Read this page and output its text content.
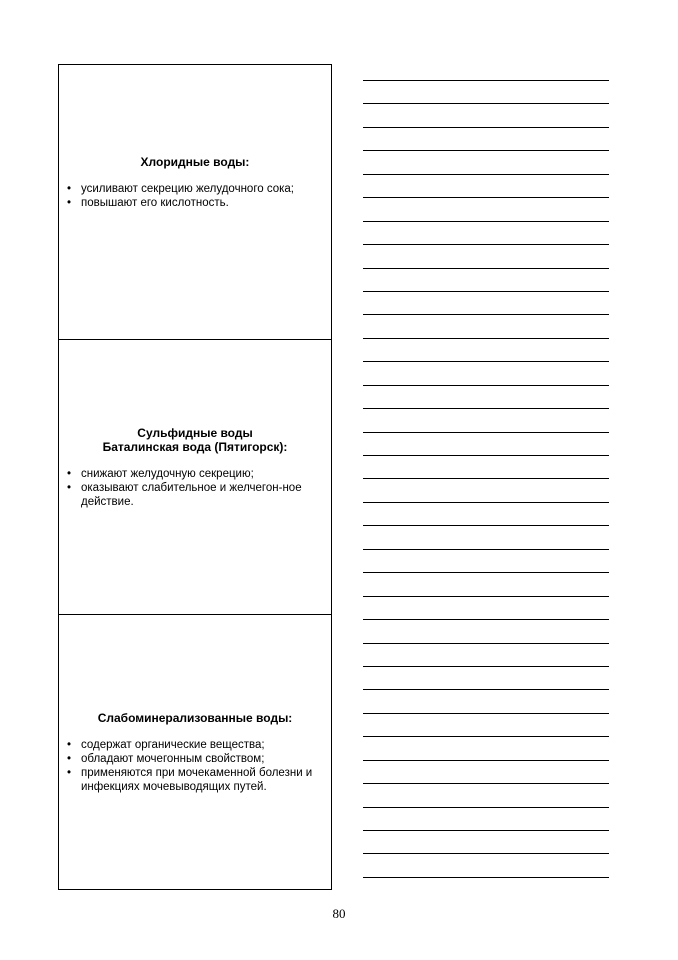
Хлоридные воды:
• усиливают секрецию желудочного сока;
• повышают его кислотность.
Сульфидные воды
Баталинская вода (Пятигорск):
• снижают желудочную секрецию;
• оказывают слабительное и желчегон-ное действие.
Слабоминерализованные воды:
• содержат органические вещества;
• обладают мочегонным свойством;
• применяются при мочекаменной болезни и инфекциях мочевыводящих путей.
80
